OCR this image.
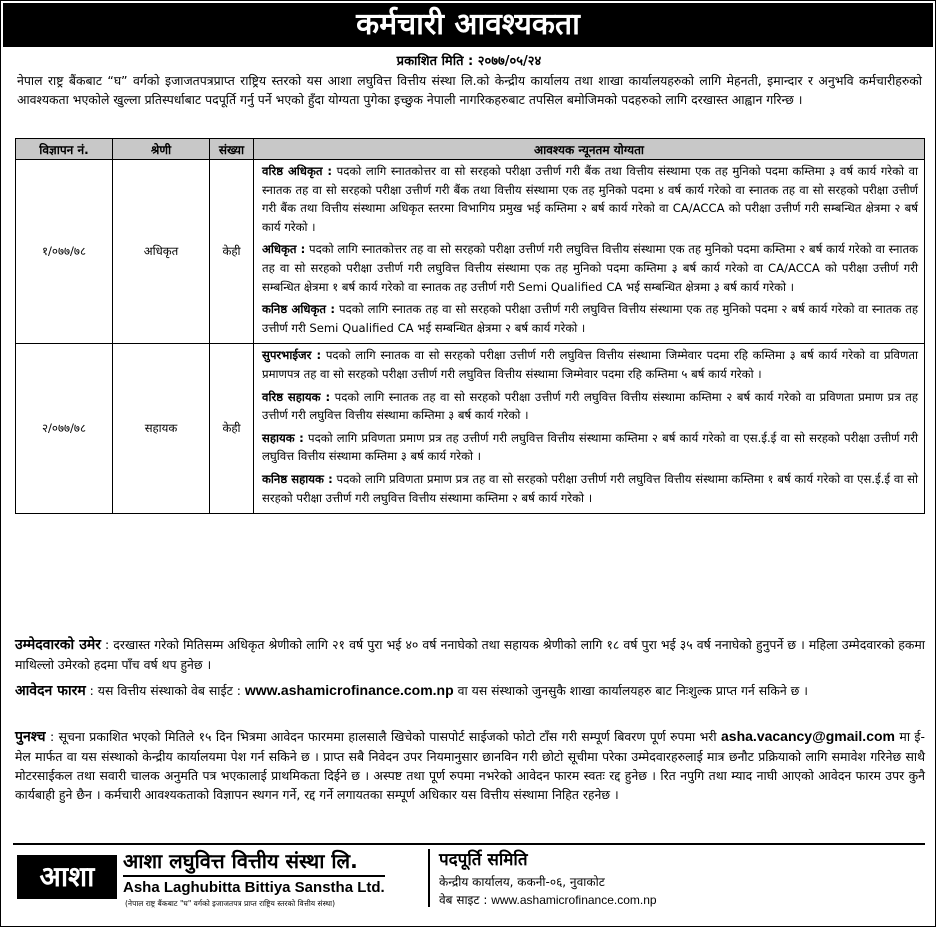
कर्मचारी आवश्यकता
प्रकाशित मिति : २०७७/०५/२४
नेपाल राष्ट्र बैंकबाट “घ” वर्गको इजाजतपत्रप्राप्त राष्ट्रिय स्तरको यस आशा लघुवित्त वित्तीय संस्था लि.को केन्द्रीय कार्यालय तथा शाखा कार्यालयहरुको लागि मेहनती, इमान्दार र अनुभवि कर्मचारीहरुको आवश्यकता भएकोले खुल्ला प्रतिस्पर्धाबाट पदपूर्ति गर्नु पर्ने भएको हुँदा योग्यता पुगेका इच्छुक नेपाली नागरिकहरुबाट तपसिल बमोजिमको पदहरुको लागि दरखास्त आह्वान गरिन्छ ।
विज्ञापन नं.	श्रेणी	संख्या	आवश्यक न्यूनतम योग्यता
१/०७७/७८	अधिकृत	केही	वरिष्ठ अधिकृत : पदको लागि स्नातकोत्तर वा सो सरहको परीक्षा उत्तीर्ण गरी बैंक तथा वित्तीय संस्थामा एक तह मुनिको पदमा कम्तिमा ३ वर्ष कार्य गरेको वा स्नातक तह वा सो सरहको परीक्षा उत्तीर्ण गरी बैंक तथा वित्तीय संस्थामा एक तह मुनिको पदमा ४ वर्ष कार्य गरेको वा स्नातक तह वा सो सरहको परीक्षा उत्तीर्ण गरी बैंक तथा वित्तीय संस्थामा अधिकृत स्तरमा विभागिय प्रमुख भई कम्तिमा २ बर्ष कार्य गरेको वा CA/ACCA को परीक्षा उत्तीर्ण गरी सम्बन्धित क्षेत्रमा २ बर्ष कार्य गरेको ।

अधिकृत : पदको लागि स्नातकोत्तर तह वा सो सरहको परीक्षा उत्तीर्ण गरी लघुवित्त वित्तीय संस्थामा एक तह मुनिको पदमा कम्तिमा २ बर्ष कार्य गरेको वा स्नातक तह वा सो सरहको परीक्षा उत्तीर्ण गरी लघुवित्त वित्तीय संस्थामा एक तह मुनिको पदमा कम्तिमा ३ बर्ष कार्य गरेको वा CA/ACCA को परीक्षा उत्तीर्ण गरी सम्बन्धित क्षेत्रमा १ बर्ष कार्य गरेको वा स्नातक तह उत्तीर्ण गरी Semi Qualified CA भई सम्बन्धित क्षेत्रमा ३ बर्ष कार्य गरेको ।

कनिष्ठ अधिकृत : पदको लागि स्नातक तह वा सो सरहको परीक्षा उत्तीर्ण गरी लघुवित्त वित्तीय संस्थामा एक तह मुनिको पदमा २ बर्ष कार्य गरेको वा स्नातक तह उत्तीर्ण गरी Semi Qualified CA भई सम्बन्धित क्षेत्रमा २ बर्ष कार्य गरेको ।

२/०७७/७८	सहायक	केही	सुपरभाईजर : पदको लागि स्नातक वा सो सरहको परीक्षा उत्तीर्ण गरी लघुवित्त वित्तीय संस्थामा जिम्मेवार पदमा रहि कम्तिमा ३ बर्ष कार्य गरेको वा प्रविणता प्रमाणपत्र तह वा सो सरहको परीक्षा उत्तीर्ण गरी लघुवित्त वित्तीय संस्थामा जिम्मेवार पदमा रहि कम्तिमा ५ बर्ष कार्य गरेको ।

वरिष्ठ सहायक : पदको लागि स्नातक तह वा सो सरहको परीक्षा उत्तीर्ण गरी लघुवित्त वित्तीय संस्थामा कम्तिमा २ बर्ष कार्य गरेको वा प्रविणता प्रमाण प्रत्र तह उत्तीर्ण गरी लघुवित्त वित्तीय संस्थामा कम्तिमा ३ बर्ष कार्य गरेको ।

सहायक : पदको लागि प्रविणता प्रमाण प्रत्र तह उत्तीर्ण गरी लघुवित्त वित्तीय संस्थामा कम्तिमा २ बर्ष कार्य गरेको वा एस.ई.ई वा सो सरहको परीक्षा उत्तीर्ण गरी लघुवित्त वित्तीय संस्थामा कम्तिमा ३ बर्ष कार्य गरेको ।

कनिष्ठ सहायक : पदको लागि प्रविणता प्रमाण प्रत्र तह वा सो सरहको परीक्षा उत्तीर्ण गरी लघुवित्त वित्तीय संस्थामा कम्तिमा १ बर्ष कार्य गरेको वा एस.ई.ई वा सो सरहको परीक्षा उत्तीर्ण गरी लघुवित्त वित्तीय संस्थामा कम्तिमा २ बर्ष कार्य गरेको ।

उम्मेदवारको उमेर : दरखास्त गरेको मितिसम्म अधिकृत श्रेणीको लागि २१ वर्ष पुरा भई ४० वर्ष ननाघेको तथा सहायक श्रेणीको लागि १८ वर्ष पुरा भई ३५ वर्ष ननाघेको हुनुपर्ने छ । महिला उम्मेदवारको हकमा माथिल्लो उमेरको हदमा पाँच वर्ष थप हुनेछ ।
आवेदन फारम : यस वित्तीय संस्थाको वेब साईट : www.ashamicrofinance.com.np वा यस संस्थाको जुनसुकै शाखा कार्यालयहरु बाट निःशुल्क प्राप्त गर्न सकिने छ ।
पुनश्च : सूचना प्रकाशित भएको मितिले १५ दिन भित्रमा आवेदन फारममा हालसालै खिचेको पासपोर्ट साईजको फोटो टाँस गरी सम्पूर्ण बिवरण पूर्ण रुपमा भरी asha.vacancy@gmail.com मा ई-मेल मार्फत वा यस संस्थाको केन्द्रीय कार्यालयमा पेश गर्न सकिने छ । प्राप्त सबै निवेदन उपर नियमानुसार छानविन गरी छोटो सूचीमा परेका उम्मेदवारहरुलाई मात्र छनौट प्रक्रियाको लागि समावेश गरिनेछ साथै मोटरसाईकल तथा सवारी चालक अनुमति पत्र भएकालाई प्राथमिकता दिईने छ । अस्पष्ट तथा पूर्ण रुपमा नभरेको आवेदन फारम स्वतः रद्द हुनेछ । रित नपुगि तथा म्याद नाघी आएको आवेदन फारम उपर कुनै कार्यबाही हुने छैन । कर्मचारी आवश्यकताको विज्ञापन स्थगन गर्ने, रद्द गर्ने लगायतका सम्पूर्ण अधिकार यस वित्तीय संस्थामा निहित रहनेछ ।
आशा	आशा लघुवित्त वित्तीय संस्था लि.
Asha Laghubitta Bittiya Sanstha Ltd.
(नेपाल राष्ट्र बैंकबाट "घ" वर्गको इजाजतपत्र प्राप्त राष्ट्रिय स्तरको वित्तीय संस्था)
पदपूर्ति समिति
केन्द्रीय कार्यालय, ककनी-०६, नुवाकोट
वेब साइट : www.ashamicrofinance.com.np
